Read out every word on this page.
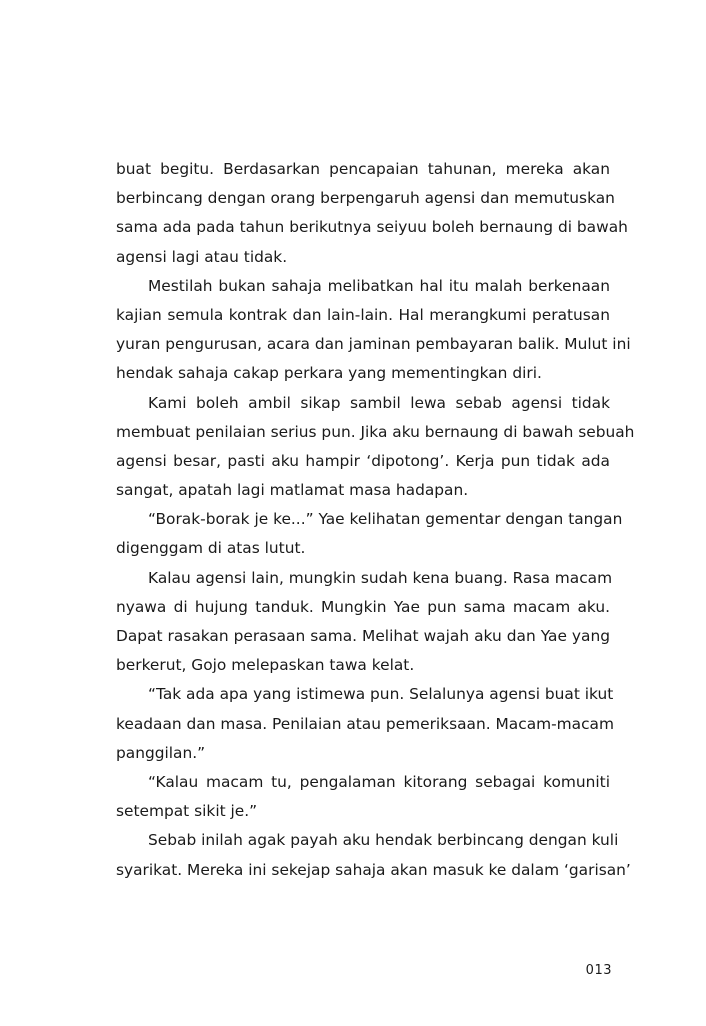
buat begitu. Berdasarkan pencapaian tahunan, mereka akan
berbincang dengan orang berpengaruh agensi dan memutuskan
sama ada pada tahun berikutnya seiyuu boleh bernaung di bawah
agensi lagi atau tidak.
Mestilah bukan sahaja melibatkan hal itu malah berkenaan
kajian semula kontrak dan lain-lain. Hal merangkumi peratusan
yuran pengurusan, acara dan jaminan pembayaran balik. Mulut ini
hendak sahaja cakap perkara yang mementingkan diri.
Kami boleh ambil sikap sambil lewa sebab agensi tidak
membuat penilaian serius pun. Jika aku bernaung di bawah sebuah
agensi besar, pasti aku hampir ‘dipotong’. Kerja pun tidak ada
sangat, apatah lagi matlamat masa hadapan.
“Borak-borak je ke...” Yae kelihatan gementar dengan tangan
digenggam di atas lutut.
Kalau agensi lain, mungkin sudah kena buang. Rasa macam
nyawa di hujung tanduk. Mungkin Yae pun sama macam aku.
Dapat rasakan perasaan sama. Melihat wajah aku dan Yae yang
berkerut, Gojo melepaskan tawa kelat.
“Tak ada apa yang istimewa pun. Selalunya agensi buat ikut
keadaan dan masa. Penilaian atau pemeriksaan. Macam-macam
panggilan.”
“Kalau macam tu, pengalaman kitorang sebagai komuniti
setempat sikit je.”
Sebab inilah agak payah aku hendak berbincang dengan kuli
syarikat. Mereka ini sekejap sahaja akan masuk ke dalam ‘garisan’
013
